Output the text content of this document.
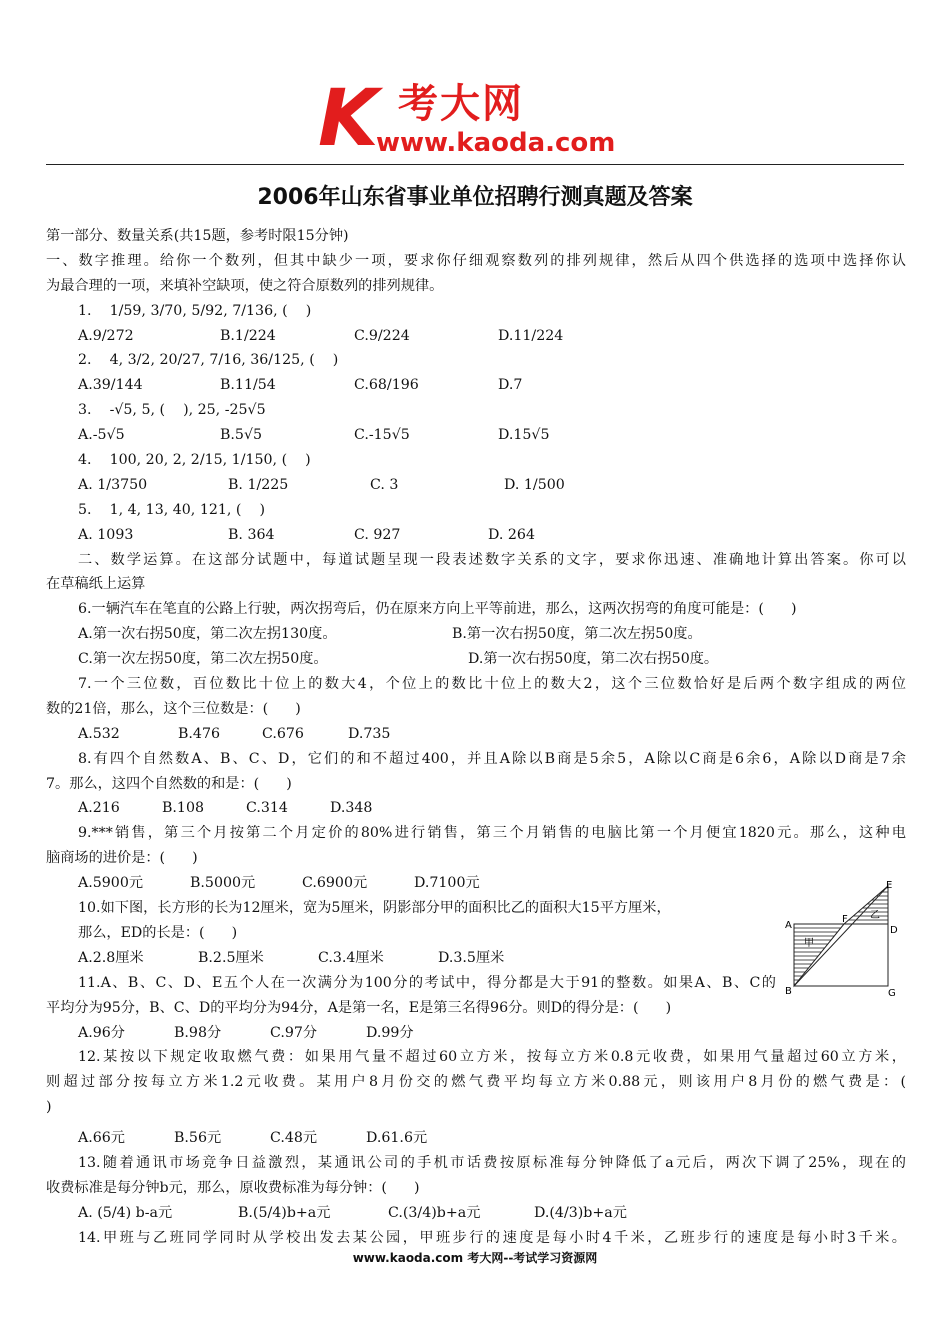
K 考大网
www.kaoda.com
2006年山东省事业单位招聘行测真题及答案
第一部分、数量关系(共15题，参考时限15分钟)
一、数字推理。给你一个数列，但其中缺少一项，要求你仔细观察数列的排列规律，然后从四个供选择的选项中选择你认
为最合理的一项，来填补空缺项，使之符合原数列的排列规律。
1.    1/59, 3/70, 5/92, 7/136, (    )
A.9/272	B.1/224	C.9/224	D.11/224
2.    4, 3/2, 20/27, 7/16, 36/125, (    )
A.39/144	B.11/54	C.68/196	D.7
3.    -√5, 5, (    ), 25, -25√5
A.-5√5	B.5√5	C.-15√5	D.15√5
4.    100, 20, 2, 2/15, 1/150, (    )
A. 1/3750	B. 1/225	C. 3	D. 1/500
5.    1, 4, 13, 40, 121, (    )
A. 1093	B. 364	C. 927	D. 264
二、数学运算。在这部分试题中，每道试题呈现一段表述数字关系的文字，要求你迅速、准确地计算出答案。你可以
在草稿纸上运算
6.一辆汽车在笔直的公路上行驶，两次拐弯后，仍在原来方向上平等前进，那么，这两次拐弯的角度可能是：(      )
A.第一次右拐50度，第二次左拐130度。	B.第一次右拐50度，第二次左拐50度。
C.第一次左拐50度，第二次左拐50度。	D.第一次右拐50度，第二次右拐50度。
7.一个三位数，百位数比十位上的数大4，个位上的数比十位上的数大2，这个三位数恰好是后两个数字组成的两位
数的21倍，那么，这个三位数是：(      )
A.532	B.476	C.676	D.735
8.有四个自然数A、B、C、D，它们的和不超过400，并且A除以B商是5余5，A除以C商是6余6，A除以D商是7余
7。那么，这四个自然数的和是：(      )
A.216	B.108	C.314	D.348
9.***销售，第三个月按第二个月定价的80%进行销售，第三个月销售的电脑比第一个月便宜1820元。那么，这种电
脑商场的进价是：(      )
A.5900元	B.5000元	C.6900元	D.7100元
10.如下图，长方形的长为12厘米，宽为5厘米，阴影部分甲的面积比乙的面积大15平方厘米，
那么，ED的长是：(      )
A.2.8厘米	B.2.5厘米	C.3.4厘米	D.3.5厘米
11.A、B、C、D、E五个人在一次满分为100分的考试中，得分都是大于91的整数。如果A、B、C的
平均分为95分，B、C、D的平均分为94分，A是第一名，E是第三名得96分。则D的得分是：(      )
A.96分	B.98分	C.97分	D.99分
12.某按以下规定收取燃气费：如果用气量不超过60立方米，按每立方米0.8元收费，如果用气量超过60立方米，
则超过部分按每立方米1.2元收费。某用户8月份交的燃气费平均每立方米0.88元，则该用户8月份的燃气费是：(
)
A.66元	B.56元	C.48元	D.61.6元
13.随着通讯市场竞争日益激烈，某通讯公司的手机市话费按原标准每分钟降低了a元后，两次下调了25%，现在的
收费标准是每分钟b元，那么，原收费标准为每分钟：(      )
A. (5/4) b-a元	B.(5/4)b+a元	C.(3/4)b+a元	D.(4/3)b+a元
14.甲班与乙班同学同时从学校出发去某公园，甲班步行的速度是每小时4千米，乙班步行的速度是每小时3千米。
E
A
F 乙
D
甲
B	G
www.kaoda.com 考大网--考试学习资源网
